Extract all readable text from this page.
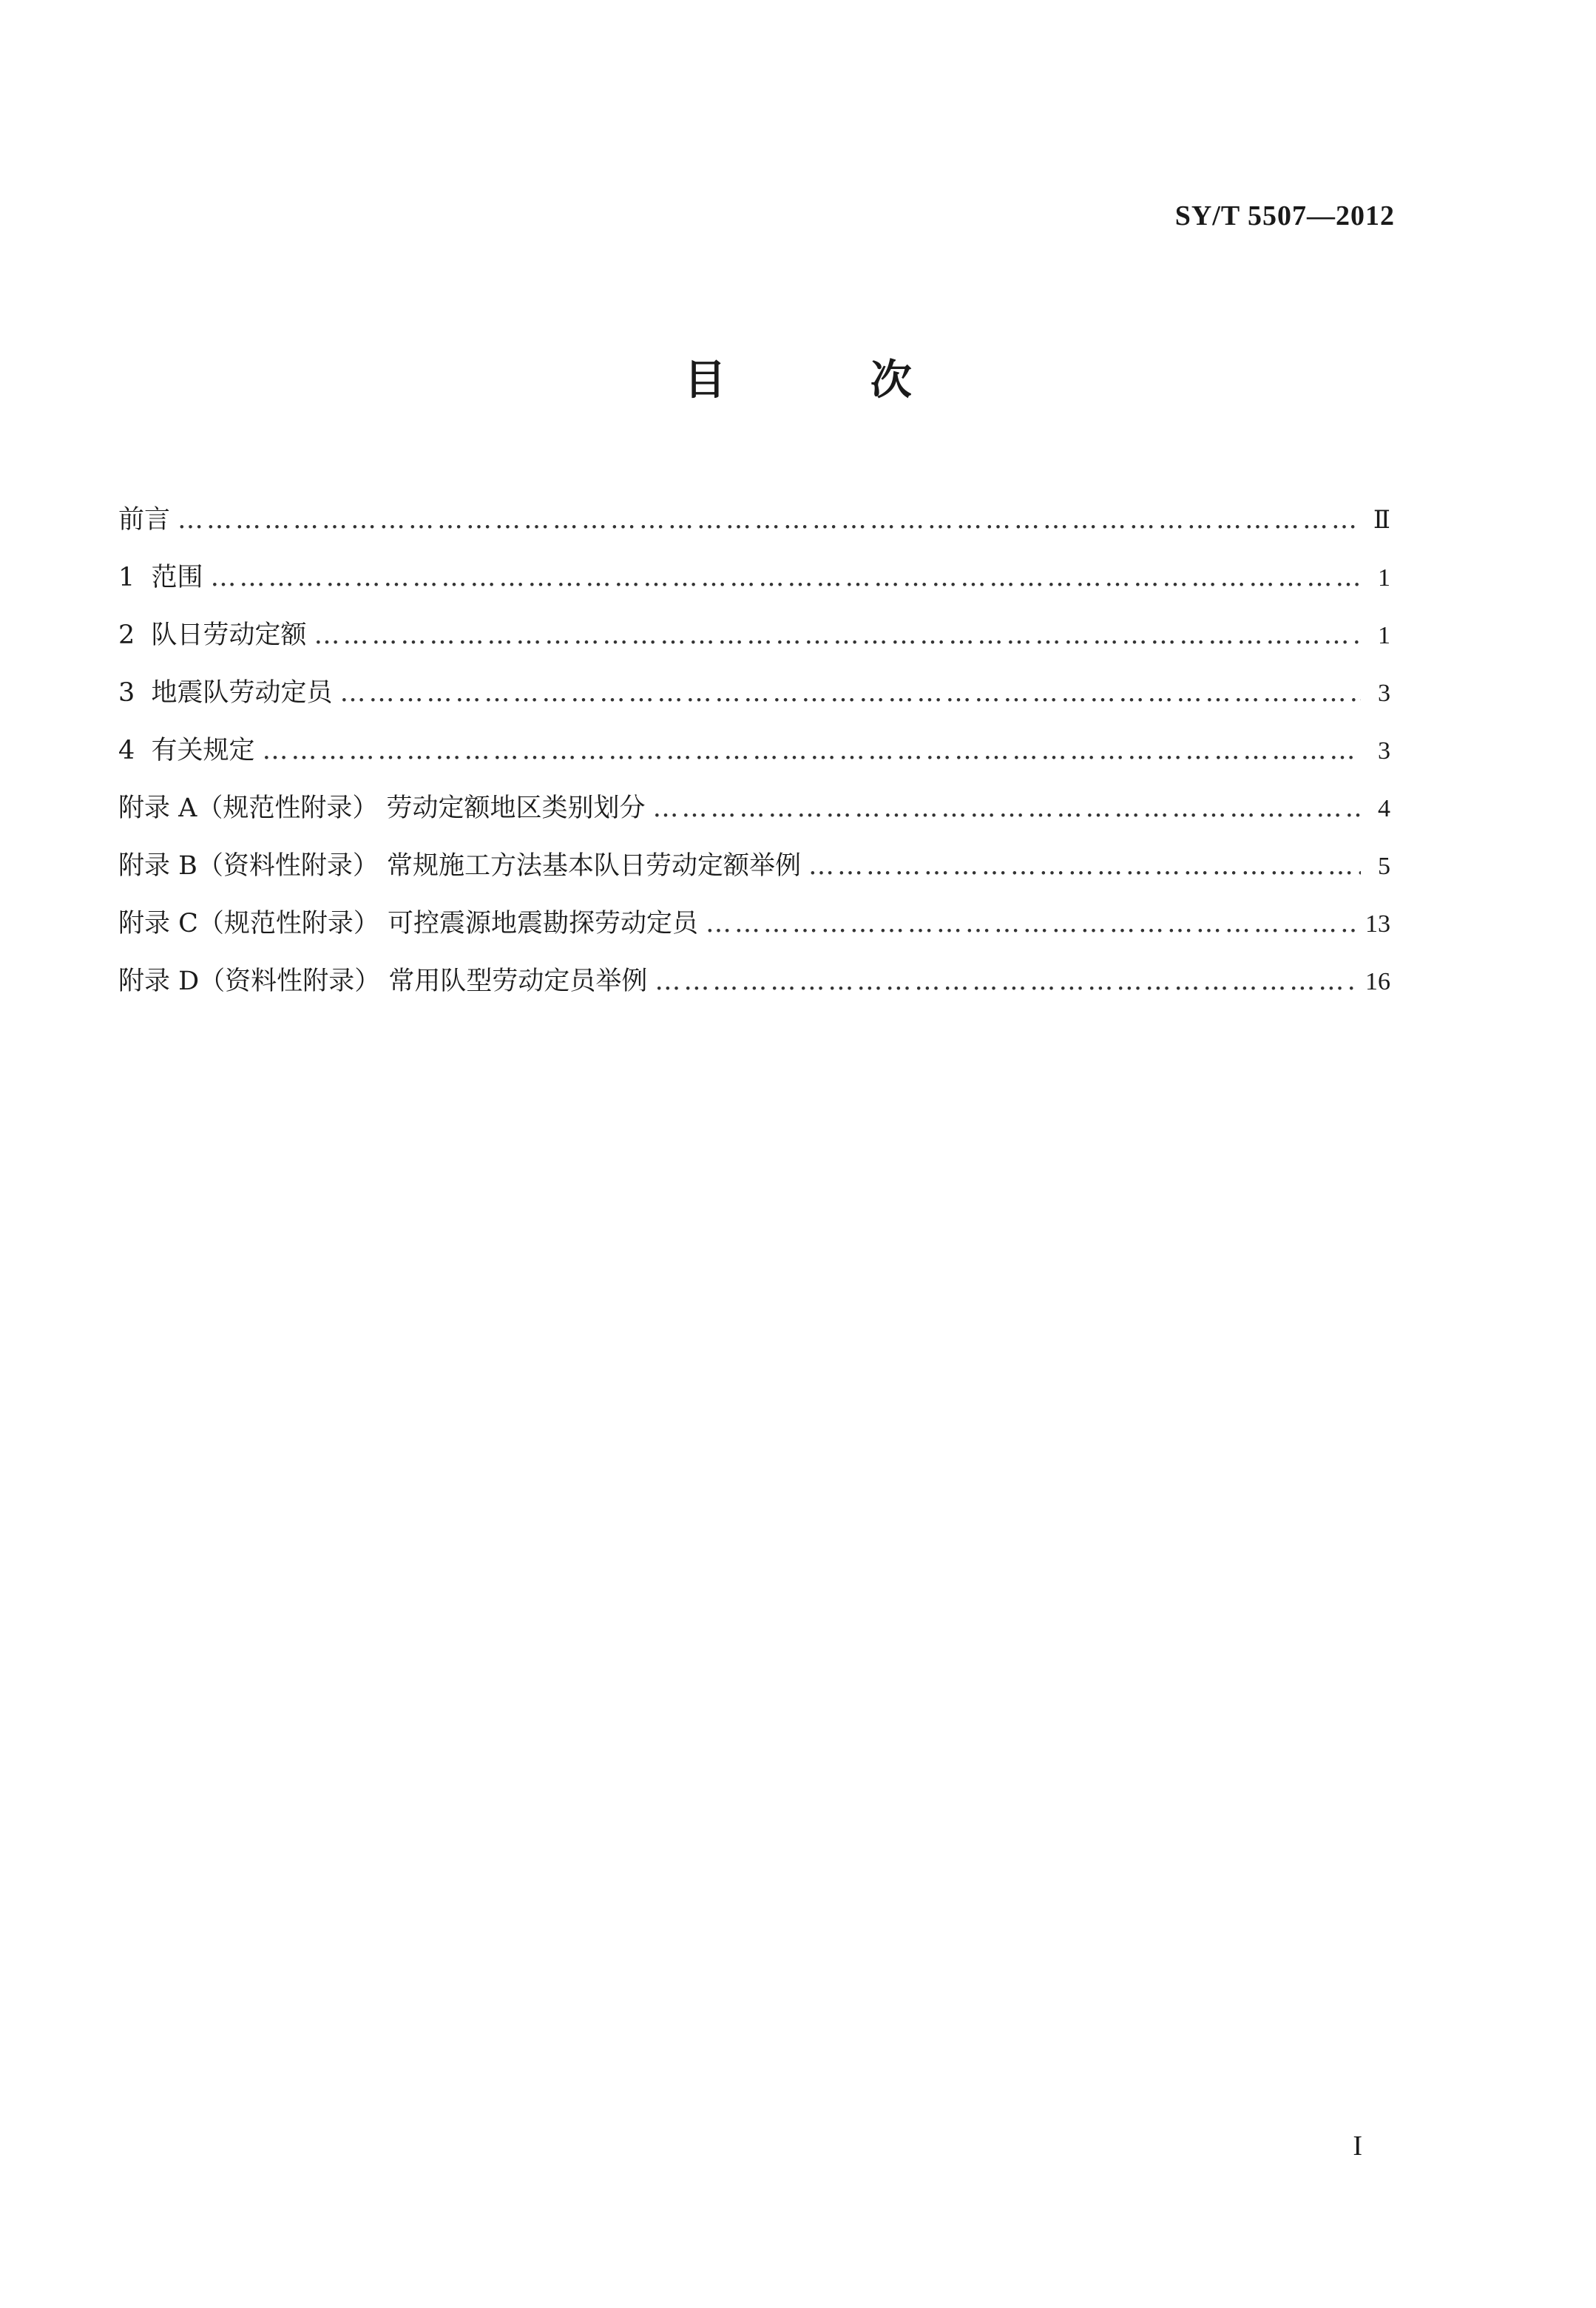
SY/T 5507—2012
目 次
前言 ……………………………………………………………………………………………………………………………………………………………………………………………………………………	Ⅱ
1  范围 ……………………………………………………………………………………………………………………………………………………………………………………………………………………	1
2  队日劳动定额 ……………………………………………………………………………………………………………………………………………………………………………………………………………………	1
3  地震队劳动定员 ……………………………………………………………………………………………………………………………………………………………………………………………………………………	3
4  有关规定 ……………………………………………………………………………………………………………………………………………………………………………………………………………………	3
附录 A（规范性附录） 劳动定额地区类别划分 ……………………………………………………………………………………………………………………………………………………………………………………………………………………	4
附录 B（资料性附录） 常规施工方法基本队日劳动定额举例 ……………………………………………………………………………………………………………………………………………………………………………………………………………………	5
附录 C（规范性附录） 可控震源地震勘探劳动定员 ……………………………………………………………………………………………………………………………………………………………………………………………………………………	13
附录 D（资料性附录） 常用队型劳动定员举例 ……………………………………………………………………………………………………………………………………………………………………………………………………………………	16
I
